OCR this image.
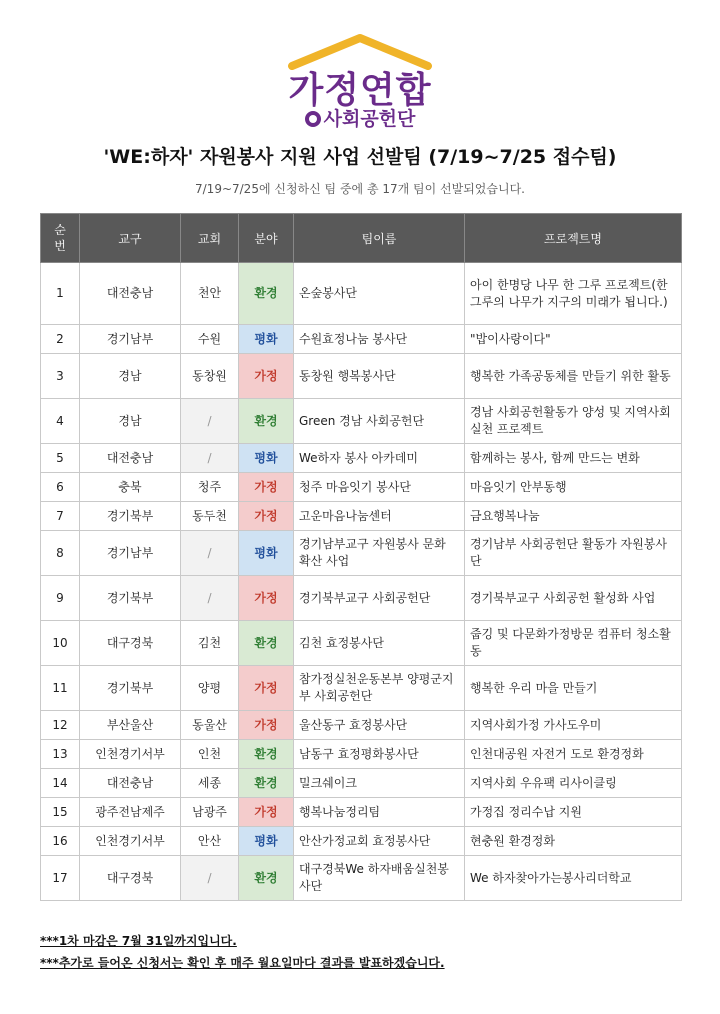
가정연합
사회공헌단
'WE:하자' 자원봉사 지원 사업 선발팀 (7/19~7/25 접수팀)
7/19~7/25에 신청하신 팀 중에 총 17개 팀이 선발되었습니다.
순
번	교구	교회	분야	팀이름	프로젝트명
1	대전충남	천안	환경	온숲봉사단	아이 한명당 나무 한 그루 프로젝트(한 그루의 나무가 지구의 미래가 됩니다.)
2	경기남부	수원	평화	수원효정나눔 봉사단	"밥이사랑이다"
3	경남	동창원	가정	동창원 행복봉사단	행복한 가족공동체를 만들기 위한 활동
4	경남	/	환경	Green 경남 사회공헌단	경남 사회공헌활동가 양성 및 지역사회 실천 프로젝트
5	대전충남	/	평화	We하자 봉사 아카데미	함께하는 봉사, 함께 만드는 변화
6	충북	청주	가정	청주 마음잇기 봉사단	마음잇기 안부동행
7	경기북부	동두천	가정	고운마음나눔센터	금요행복나눔
8	경기남부	/	평화	경기남부교구 자원봉사 문화 확산 사업	경기남부 사회공헌단 활동가 자원봉사단
9	경기북부	/	가정	경기북부교구 사회공헌단	경기북부교구 사회공헌 활성화 사업
10	대구경북	김천	환경	김천 효정봉사단	줍깅 및 다문화가정방문 컴퓨터 청소활동
11	경기북부	양평	가정	참가정실천운동본부 양평군지부 사회공헌단	행복한 우리 마을 만들기
12	부산울산	동울산	가정	울산동구 효정봉사단	지역사회가정 가사도우미
13	인천경기서부	인천	환경	남동구 효정평화봉사단	인천대공원 자전거 도로 환경정화
14	대전충남	세종	환경	밀크쉐이크	지역사회 우유팩 리사이클링
15	광주전남제주	남광주	가정	행복나눔정리팀	가정집 정리수납 지원
16	인천경기서부	안산	평화	안산가정교회 효정봉사단	현충원 환경정화
17	대구경북	/	환경	대구경북We 하자배움실천봉사단	We 하자찾아가는봉사리더학교
***1차 마감은 7월 31일까지입니다.
***추가로 들어온 신청서는 확인 후 매주 월요일마다 결과를 발표하겠습니다.
